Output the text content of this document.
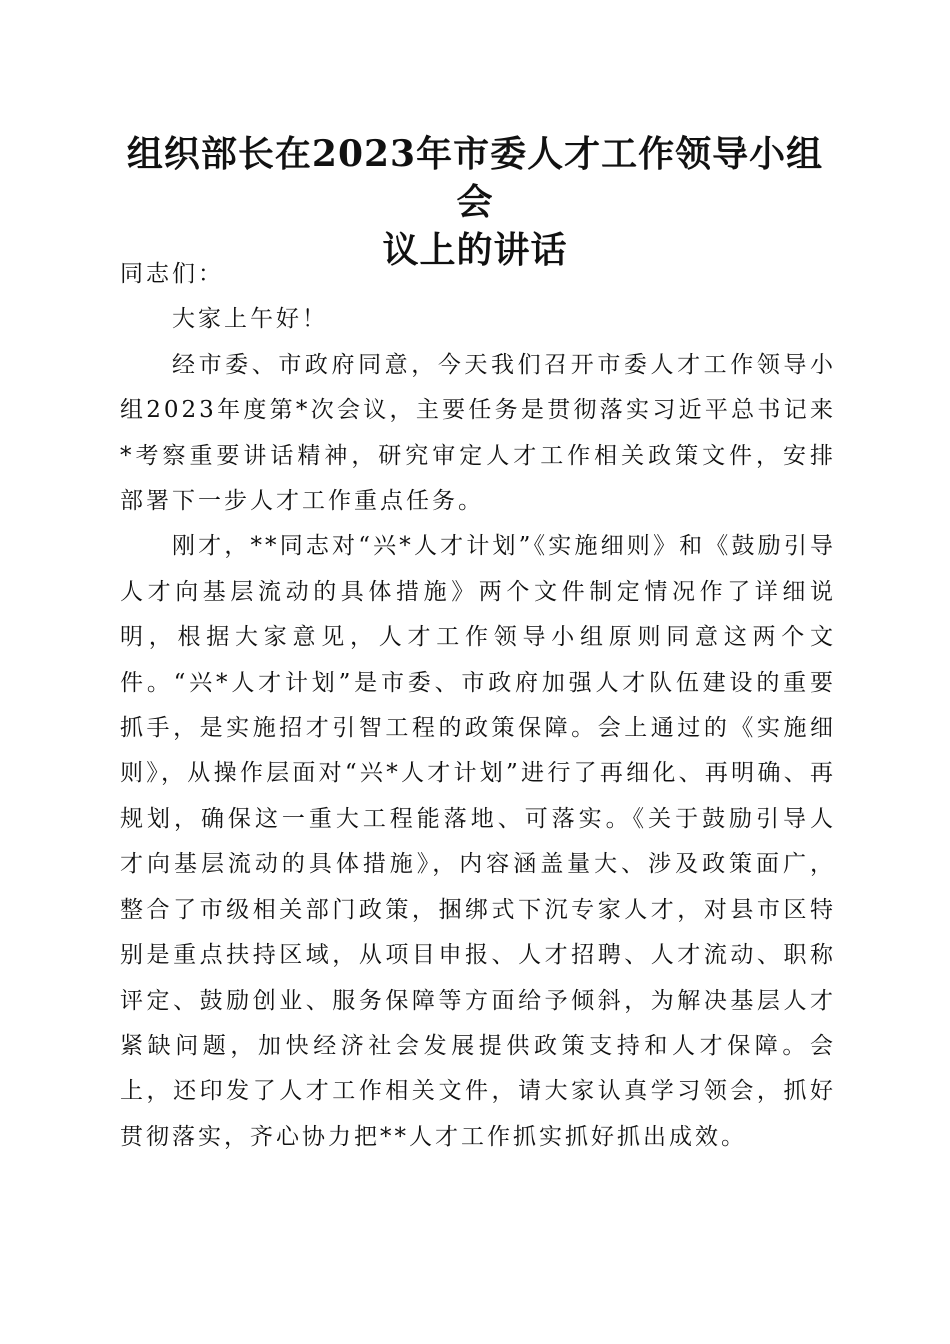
组织部长在2023年市委人才工作领导小组会
议上的讲话

同志们：

大家上午好！

经市委、市政府同意，今天我们召开市委人才工作领导小组2023年度第*次会议，主要任务是贯彻落实习近平总书记来*考察重要讲话精神，研究审定人才工作相关政策文件，安排部署下一步人才工作重点任务。

刚才，**同志对“兴*人才计划”《实施细则》和《鼓励引导人才向基层流动的具体措施》两个文件制定情况作了详细说明，根据大家意见，人才工作领导小组原则同意这两个文件。“兴*人才计划”是市委、市政府加强人才队伍建设的重要抓手，是实施招才引智工程的政策保障。会上通过的《实施细则》，从操作层面对“兴*人才计划”进行了再细化、再明确、再规划，确保这一重大工程能落地、可落实。《关于鼓励引导人才向基层流动的具体措施》，内容涵盖量大、涉及政策面广，整合了市级相关部门政策，捆绑式下沉专家人才，对县市区特别是重点扶持区域，从项目申报、人才招聘、人才流动、职称评定、鼓励创业、服务保障等方面给予倾斜，为解决基层人才紧缺问题，加快经济社会发展提供政策支持和人才保障。会上，还印发了人才工作相关文件，请大家认真学习领会，抓好贯彻落实，齐心协力把**人才工作抓实抓好抓出成效。
